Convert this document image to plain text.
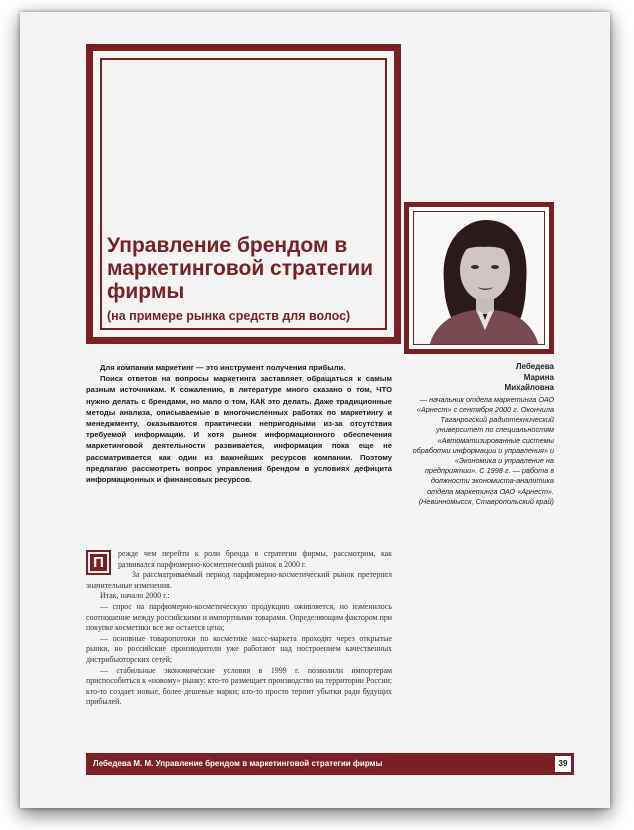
Управление брендом в маркетинговой стратегии фирмы
(на примере рынка средств для волос)

Для компании маркетинг — это инструмент получения прибыли.

Поиск ответов на вопросы маркетинга заставляет обращаться к самым разным источникам. К сожалению, в литературе много сказано о том, ЧТО нужно делать с брендами, но мало о том, КАК это делать. Даже традиционные методы анализа, описываемые в многочисленных работах по маркетингу и менеджменту, оказываются практически непригодными из-за отсутствия требуемой информации. И хотя рынок информационного обеспечения маркетинговой деятельности развивается, информация пока еще не рассматривается как один из важнейших ресурсов компании. Поэтому предлагаю рассмотреть вопрос управления брендом в условиях дефицита информационных и финансовых ресурсов.

Лебедева
Марина
Михайловна
— начальник отдела маркетинга ОАО «Арнест» с сентября 2000 г. Окончила Таганрогский радиотехнический университет по специальностям «Автоматизированные системы обработки информации и управления» и «Экономика и управление на предприятии». С 1998 г. — работа в должности экономиста-аналитика отдела маркетинга ОАО «Арнест». (Невинномысск, Ставропольский край)
П

режде чем перейти к роли бренда в стратегии фирмы, рассмотрим, как развивался парфюмерно-косметический рынок в 2000 г.

За рассматриваемый период парфюмерно-косметический рынок претерпел значительные изменения.

Итак, начало 2000 г.:

— спрос на парфюмерно-косметическую продукцию оживляется, но изменилось соотношение между российскими и импортными товарами. Определяющим фактором при покупке косметики все же остается цена;

— основные товаропотоки по косметике масс-маркета проходят через открытые рынки, но российские производители уже работают над построением качественных дистрибьюторских сетей;

— стабильные экономические условия в 1999 г. позволили импортерам приспособиться к «новому» рынку: кто-то размещает производство на территории России; кто-то создает новые, более дешевые марки; кто-то просто терпит убытки ради будущих прибылей.

Лебедева М. М. Управление брендом в маркетинговой стратегии фирмы	39
